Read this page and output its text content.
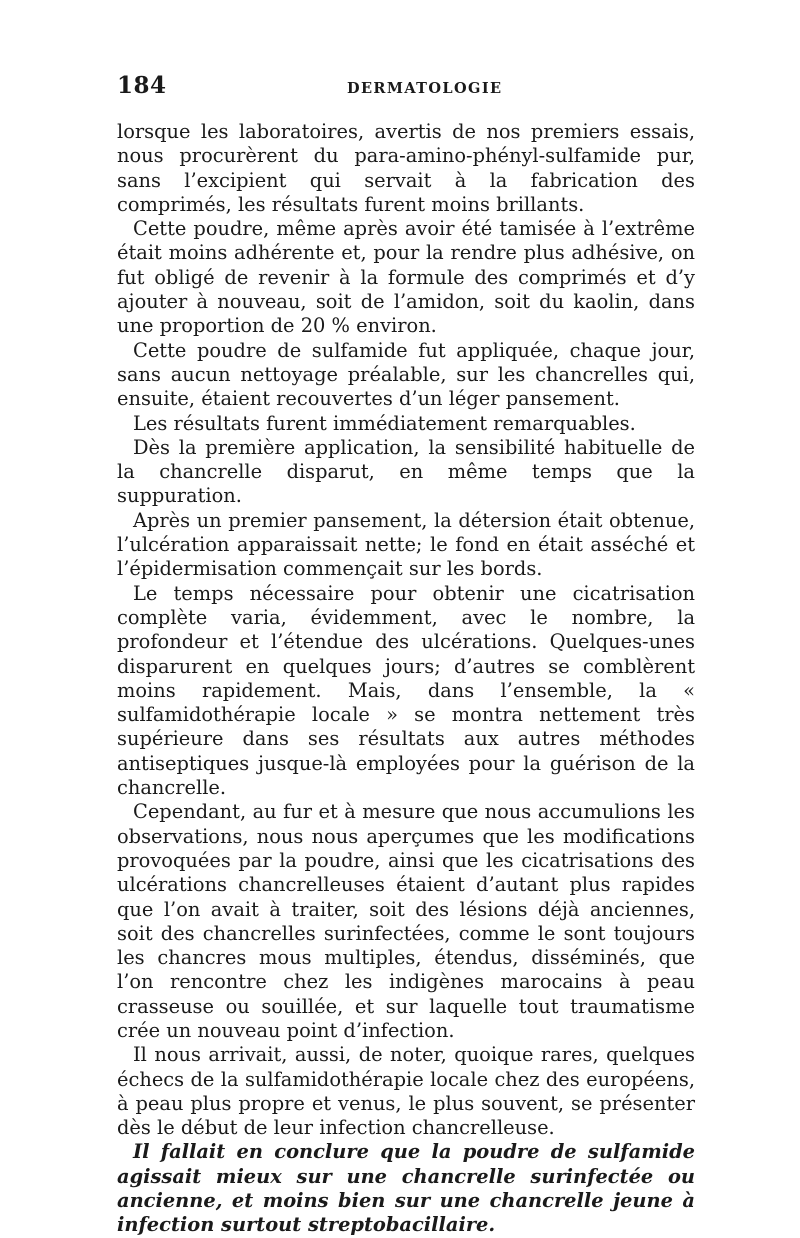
184	DERMATOLOGIE

lorsque les laboratoires, avertis de nos premiers essais, nous procurèrent du para-amino-phényl-sulfamide pur, sans l’excipient qui servait à la fabrication des comprimés, les résultats furent moins brillants.

Cette poudre, même après avoir été tamisée à l’extrême était moins adhérente et, pour la rendre plus adhésive, on fut obligé de revenir à la formule des comprimés et d’y ajouter à nouveau, soit de l’amidon, soit du kaolin, dans une proportion de 20 % environ.

Cette poudre de sulfamide fut appliquée, chaque jour, sans aucun nettoyage préalable, sur les chancrelles qui, ensuite, étaient recouvertes d’un léger pansement.

Les résultats furent immédiatement remarquables.

Dès la première application, la sensibilité habituelle de la chancrelle disparut, en même temps que la suppuration.

Après un premier pansement, la détersion était obtenue, l’ulcération apparaissait nette; le fond en était asséché et l’épidermisation commençait sur les bords.

Le temps nécessaire pour obtenir une cicatrisation complète varia, évidemment, avec le nombre, la profondeur et l’étendue des ulcérations. Quelques-unes disparurent en quelques jours; d’autres se comblèrent moins rapidement. Mais, dans l’ensemble, la « sulfamidothérapie locale » se montra nettement très supérieure dans ses résultats aux autres méthodes antiseptiques jusque-là employées pour la guérison de la chancrelle.

Cependant, au fur et à mesure que nous accumulions les observations, nous nous aperçumes que les modifications provoquées par la poudre, ainsi que les cicatrisations des ulcérations chancrelleuses étaient d’autant plus rapides que l’on avait à traiter, soit des lésions déjà anciennes, soit des chancrelles surinfectées, comme le sont toujours les chancres mous multiples, étendus, disséminés, que l’on rencontre chez les indigènes marocains à peau crasseuse ou souillée, et sur laquelle tout traumatisme crée un nouveau point d’infection.

Il nous arrivait, aussi, de noter, quoique rares, quelques échecs de la sulfamidothérapie locale chez des européens, à peau plus propre et venus, le plus souvent, se présenter dès le début de leur infection chancrelleuse.

Il fallait en conclure que la poudre de sulfamide agissait mieux sur une chancrelle surinfectée ou ancienne, et moins bien sur une chancrelle jeune à infection surtout streptobacillaire.
